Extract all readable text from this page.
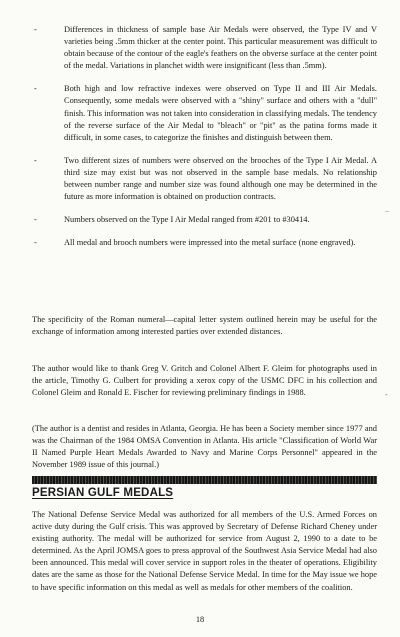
-	Differences in thickness of sample base Air Medals were observed, the Type IV and V varieties being .5mm thicker at the center point. This particular measurement was difficult to obtain because of the contour of the eagle's feathers on the obverse surface at the center point of the medal. Variations in planchet width were insignificant (less than .5mm).
-	Both high and low refractive indexes were observed on Type II and III Air Medals. Consequently, some medals were observed with a "shiny" surface and others with a "dull" finish. This information was not taken into consideration in classifying medals. The tendency of the reverse surface of the Air Medal to "bleach" or "pit" as the patina forms made it difficult, in some cases, to categorize the finishes and distinguish between them.
-	Two different sizes of numbers were observed on the brooches of the Type I Air Medal. A third size may exist but was not observed in the sample base medals. No relationship between number range and number size was found although one may be determined in the future as more information is obtained on production contracts.
-	Numbers observed on the Type I Air Medal ranged from #201 to #30414.
-	All medal and brooch numbers were impressed into the metal surface (none engraved).

The specificity of the Roman numeral—capital letter system outlined herein may be useful for the exchange of information among interested parties over extended distances.

The author would like to thank Greg V. Gritch and Colonel Albert F. Gleim for photographs used in the article, Timothy G. Culbert for providing a xerox copy of the USMC DFC in his collection and Colonel Gleim and Ronald E. Fischer for reviewing preliminary findings in 1988.

(The author is a dentist and resides in Atlanta, Georgia. He has been a Society member since 1977 and was the Chairman of the 1984 OMSA Convention in Atlanta. His article "Classification of World War II Named Purple Heart Medals Awarded to Navy and Marine Corps Personnel" appeared in the November 1989 issue of this journal.)

PERSIAN GULF MEDALS

The National Defense Service Medal was authorized for all members of the U.S. Armed Forces on active duty during the Gulf crisis. This was approved by Secretary of Defense Richard Cheney under existing authority. The medal will be authorized for service from August 2, 1990 to a date to be determined. As the April JOMSA goes to press approval of the Southwest Asia Service Medal had also been announced. This medal will cover service in support roles in the theater of operations. Eligibility dates are the same as those for the National Defense Service Medal. In time for the May issue we hope to have specific information on this medal as well as medals for other members of the coalition.

18
..
-
